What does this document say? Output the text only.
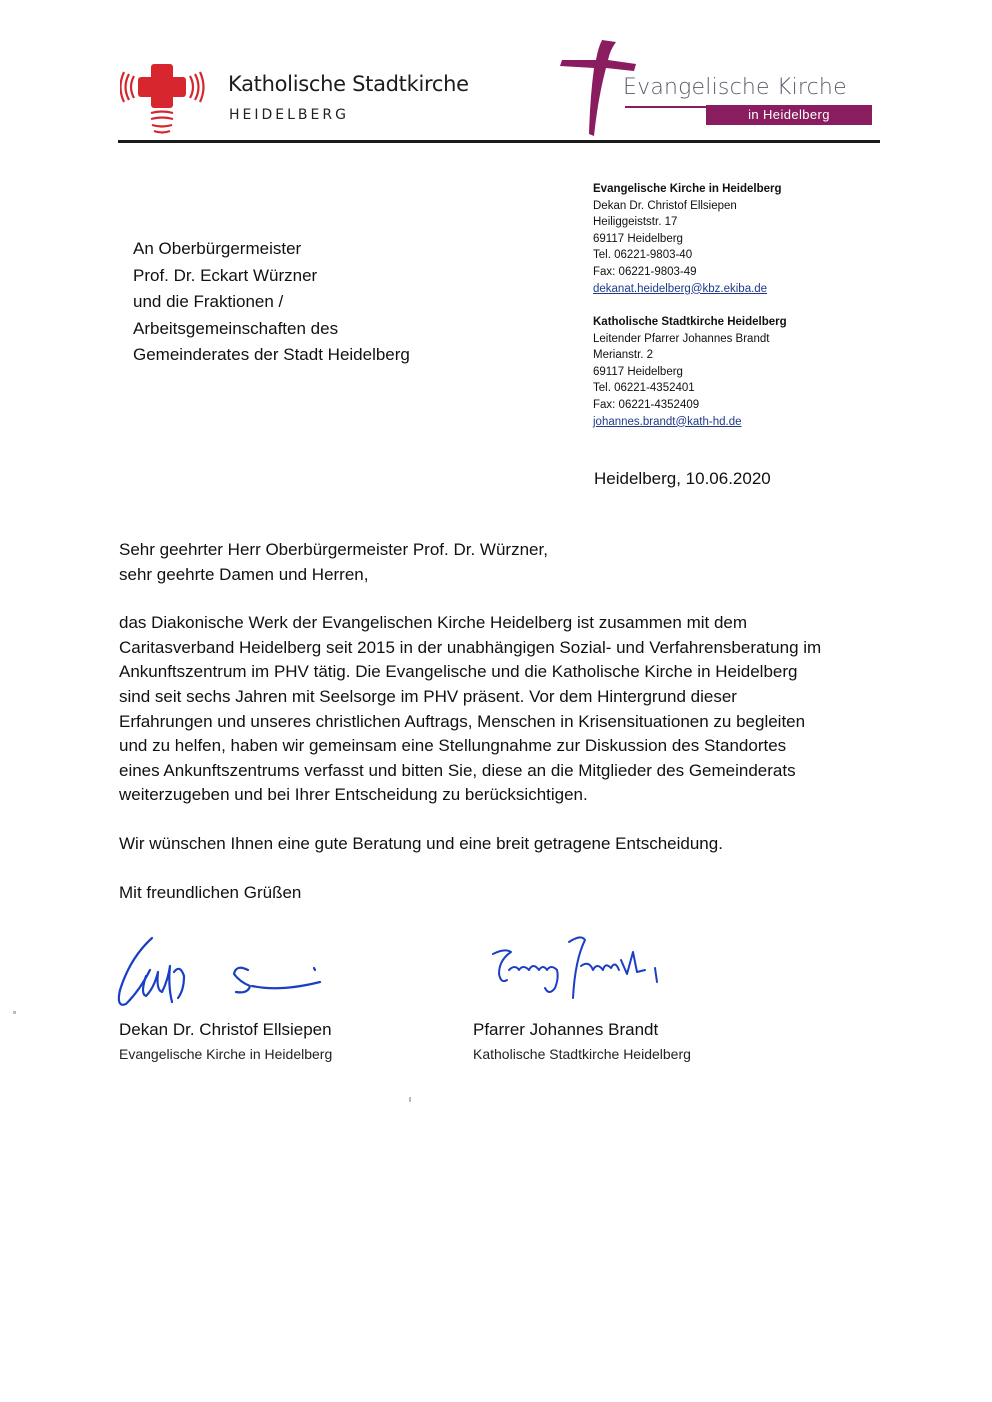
Katholische Stadtkirche
HEIDELBERG
Evangelische Kirche
in Heidelberg
An Oberbürgermeister
Prof. Dr. Eckart Würzner
und die Fraktionen /
Arbeitsgemeinschaften des
Gemeinderates der Stadt Heidelberg
Evangelische Kirche in Heidelberg
Dekan Dr. Christof Ellsiepen
Heiliggeiststr. 17
69117 Heidelberg
Tel. 06221-9803-40
Fax: 06221-9803-49
dekanat.heidelberg@kbz.ekiba.de
Katholische Stadtkirche Heidelberg
Leitender Pfarrer Johannes Brandt
Merianstr. 2
69117 Heidelberg
Tel. 06221-4352401
Fax: 06221-4352409
johannes.brandt@kath-hd.de
Heidelberg, 10.06.2020

Sehr geehrter Herr Oberbürgermeister Prof. Dr. Würzner,
sehr geehrte Damen und Herren,

das Diakonische Werk der Evangelischen Kirche Heidelberg ist zusammen mit dem
Caritasverband Heidelberg seit 2015 in der unabhängigen Sozial- und Verfahrensberatung im
Ankunftszentrum im PHV tätig. Die Evangelische und die Katholische Kirche in Heidelberg
sind seit sechs Jahren mit Seelsorge im PHV präsent. Vor dem Hintergrund dieser
Erfahrungen und unseres christlichen Auftrags, Menschen in Krisensituationen zu begleiten
und zu helfen, haben wir gemeinsam eine Stellungnahme zur Diskussion des Standortes
eines Ankunftszentrums verfasst und bitten Sie, diese an die Mitglieder des Gemeinderats
weiterzugeben und bei Ihrer Entscheidung zu berücksichtigen.

Wir wünschen Ihnen eine gute Beratung und eine breit getragene Entscheidung.

Mit freundlichen Grüßen

Dekan Dr. Christof Ellsiepen
Evangelische Kirche in Heidelberg
Pfarrer Johannes Brandt
Katholische Stadtkirche Heidelberg
